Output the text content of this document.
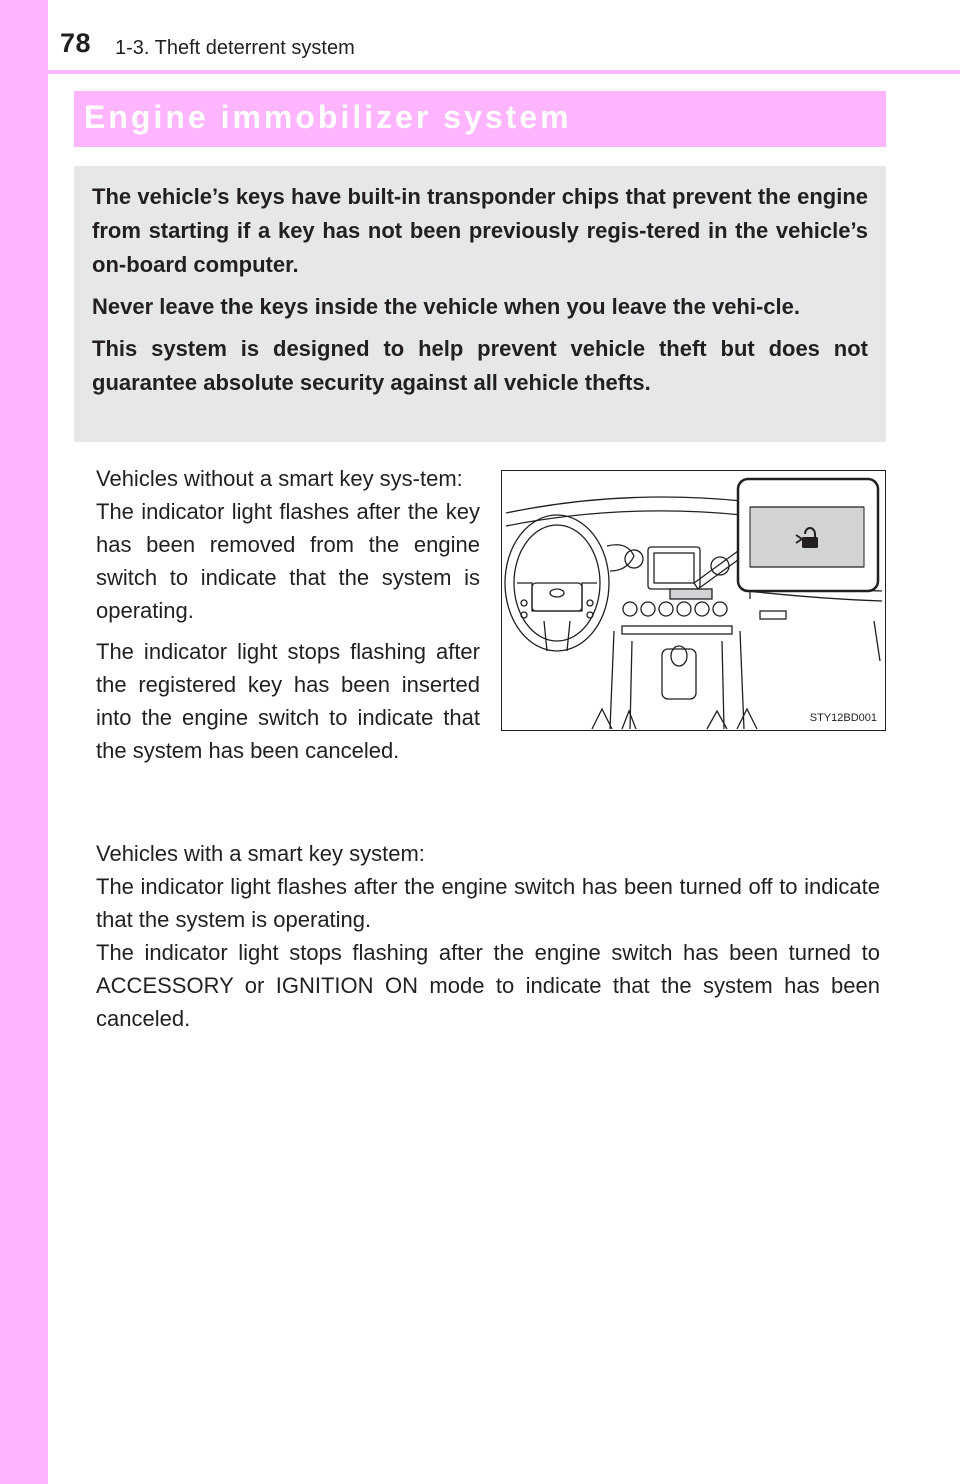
78 1-3. Theft deterrent system
Engine immobilizer system

The vehicle’s keys have built-in transponder chips that prevent the engine from starting if a key has not been previously regis-tered in the vehicle’s on-board computer.

Never leave the keys inside the vehicle when you leave the vehi-cle.

This system is designed to help prevent vehicle theft but does not guarantee absolute security against all vehicle thefts.

Vehicles without a smart key sys-tem:
The indicator light flashes after the key has been removed from the engine switch to indicate that the system is operating.

The indicator light stops flashing after the registered key has been inserted into the engine switch to indicate that the system has been canceled.

Vehicles with a smart key system:

The indicator light flashes after the engine switch has been turned off to indicate that the system is operating.

The indicator light stops flashing after the engine switch has been turned to ACCESSORY or IGNITION ON mode to indicate that the system has been canceled.

STY12BD001
